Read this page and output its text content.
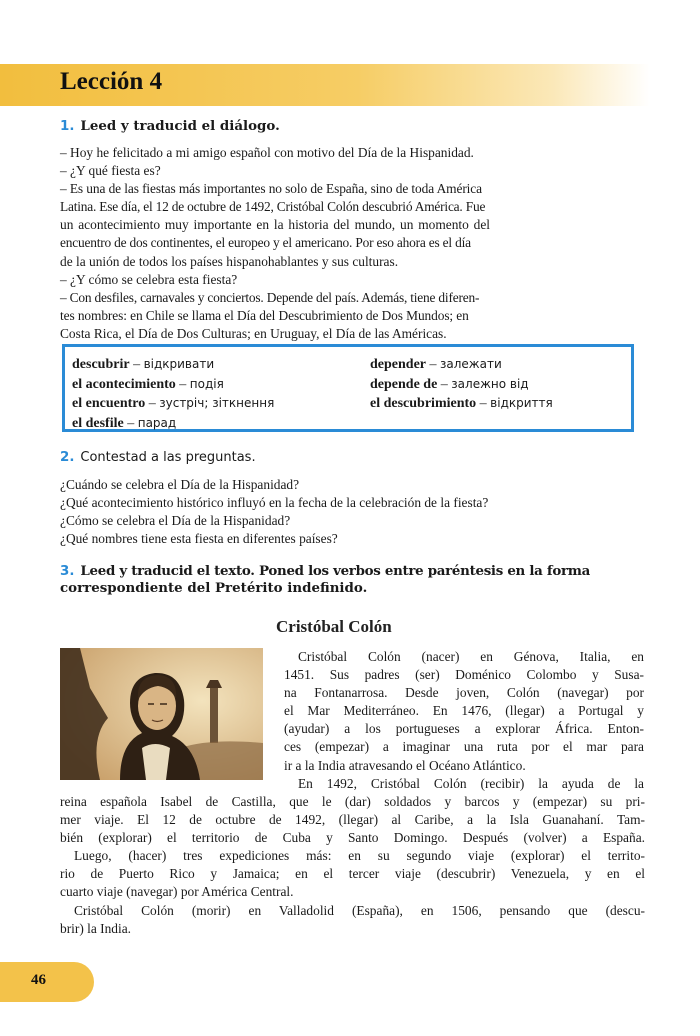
Lección 4
1. Leed y traducid el diálogo.
– Hoy he felicitado a mi amigo español con motivo del Día de la Hispanidad.
– ¿Y qué fiesta es?
– Es una de las fiestas más importantes no solo de España, sino de toda América
Latina. Ese día, el 12 de octubre de 1492, Cristóbal Colón descubrió América. Fue
un acontecimiento muy importante en la historia del mundo, un momento del
encuentro de dos continentes, el europeo y el americano. Por eso ahora es el día
de la unión de todos los países hispanohablantes y sus culturas.
– ¿Y cómo se celebra esta fiesta?
– Con desfiles, carnavales y conciertos. Depende del país. Además, tiene diferen-
tes nombres: en Chile se llama el Día del Descubrimiento de Dos Mundos; en
Costa Rica, el Día de Dos Culturas; en Uruguay, el Día de las Américas.
descubrir – відкривати
el acontecimiento – подія
el encuentro – зустріч; зіткнення
el desfile – парад
depender – залежати
depende de – залежно від
el descubrimiento – відкриття
2. Contestad a las preguntas.
¿Cuándo se celebra el Día de la Hispanidad?
¿Qué acontecimiento histórico influyó en la fecha de la celebración de la fiesta?
¿Cómo se celebra el Día de la Hispanidad?
¿Qué nombres tiene esta fiesta en diferentes países?
3. Leed y traducid el texto. Poned los verbos entre paréntesis en la forma
correspondiente del Pretérito indefinido.
Cristóbal Colón
Cristóbal Colón (nacer) en Génova, Italia, en
1451. Sus padres (ser) Doménico Colombo y Susa-
na Fontanarrosa. Desde joven, Colón (navegar) por
el Mar Mediterráneo. En 1476, (llegar) a Portugal y
(ayudar) a los portugueses a explorar África. Enton-
ces (empezar) a imaginar una ruta por el mar para
ir a la India atravesando el Océano Atlántico.
En 1492, Cristóbal Colón (recibir) la ayuda de la
reina española Isabel de Castilla, que le (dar) soldados y barcos y (empezar) su pri-
mer viaje. El 12 de octubre de 1492, (llegar) al Caribe, a la Isla Guanahaní. Tam-
bién (explorar) el territorio de Cuba y Santo Domingo. Después (volver) a España.
Luego, (hacer) tres expediciones más: en su segundo viaje (explorar) el territo-
rio de Puerto Rico y Jamaica; en el tercer viaje (descubrir) Venezuela, y en el
cuarto viaje (navegar) por América Central.
Cristóbal Colón (morir) en Valladolid (España), en 1506, pensando que (descu-
brir) la India.
46
